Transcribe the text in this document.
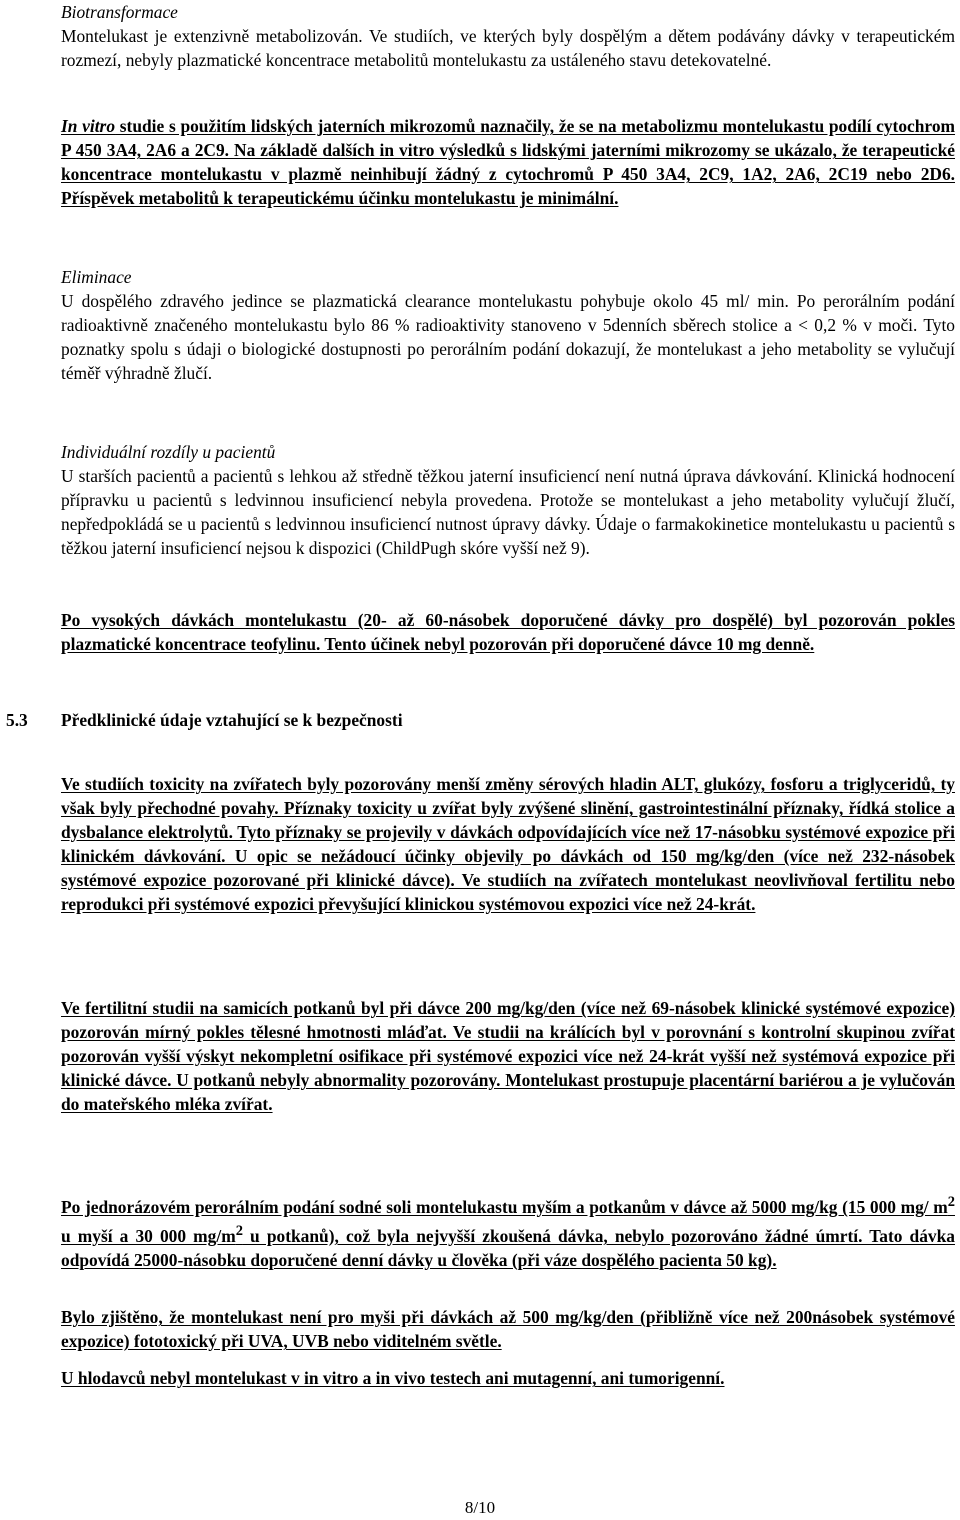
Biotransformace

Montelukast je extenzivně metabolizován. Ve studiích, ve kterých byly dospělým a dětem podávány dávky v terapeutickém rozmezí, nebyly plazmatické koncentrace metabolitů montelukastu za ustáleného stavu detekovatelné.

In vitro studie s použitím lidských jaterních mikrozomů naznačily, že se na metabolizmu montelukastu podílí cytochrom P 450 3A4, 2A6 a 2C9. Na základě dalších in vitro výsledků s lidskými jaterními mikrozomy se ukázalo, že terapeutické koncentrace montelukastu v plazmě neinhibují žádný z cytochromů P 450 3A4, 2C9, 1A2, 2A6, 2C19 nebo 2D6. Příspěvek metabolitů k terapeutickému účinku montelukastu je minimální.

Eliminace

U dospělého zdravého jedince se plazmatická clearance montelukastu pohybuje okolo 45 ml/ min. Po perorálním podání radioaktivně značeného montelukastu bylo 86 % radioaktivity stanoveno v 5denních sběrech stolice a < 0,2 % v moči. Tyto poznatky spolu s údaji o biologické dostupnosti po perorálním podání dokazují, že montelukast a jeho metabolity se vylučují téměř výhradně žlučí.

Individuální rozdíly u pacientů

U starších pacientů a pacientů s lehkou až středně těžkou jaterní insuficiencí není nutná úprava dávkování. Klinická hodnocení přípravku u pacientů s ledvinnou insuficiencí nebyla provedena. Protože se montelukast a jeho metabolity vylučují žlučí, nepředpokládá se u pacientů s ledvinnou insuficiencí nutnost úpravy dávky. Údaje o farmakokinetice montelukastu u pacientů s těžkou jaterní insuficiencí nejsou k dispozici (ChildPugh skóre vyšší než 9).

Po vysokých dávkách montelukastu (20- až 60-násobek doporučené dávky pro dospělé) byl pozorován pokles plazmatické koncentrace teofylinu. Tento účinek nebyl pozorován při doporučené dávce 10 mg denně.

5.3 Předklinické údaje vztahující se k bezpečnosti

Ve studiích toxicity na zvířatech byly pozorovány menší změny sérových hladin ALT, glukózy, fosforu a triglyceridů, ty však byly přechodné povahy. Příznaky toxicity u zvířat byly zvýšené slinění, gastrointestinální příznaky, řídká stolice a dysbalance elektrolytů. Tyto příznaky se projevily v dávkách odpovídajících více než 17-násobku systémové expozice při klinickém dávkování. U opic se nežádoucí účinky objevily po dávkách od 150 mg/kg/den (více než 232-násobek systémové expozice pozorované při klinické dávce). Ve studiích na zvířatech montelukast neovlivňoval fertilitu nebo reprodukci při systémové expozici převyšující klinickou systémovou expozici více než 24-krát.

Ve fertilitní studii na samicích potkanů byl při dávce 200 mg/kg/den (více než 69-násobek klinické systémové expozice) pozorován mírný pokles tělesné hmotnosti mláďat. Ve studii na králících byl v porovnání s kontrolní skupinou zvířat pozorován vyšší výskyt nekompletní osifikace při systémové expozici více než 24-krát vyšší než systémová expozice při klinické dávce. U potkanů nebyly abnormality pozorovány. Montelukast prostupuje placentární bariérou a je vylučován do mateřského mléka zvířat.

Po jednorázovém perorálním podání sodné soli montelukastu myším a potkanům v dávce až 5000 mg/kg (15 000 mg/ $m^2$ u myší a 30 000 $mg/m^2$ u potkanů), což byla nejvyšší zkoušená dávka, nebylo pozorováno žádné úmrtí. Tato dávka odpovídá 25000-násobku doporučené denní dávky u člověka (při váze dospělého pacienta 50 kg).

Bylo zjištěno, že montelukast není pro myši při dávkách až 500 mg/kg/den (přibližně více než 200násobek systémové expozice) fototoxický při UVA, UVB nebo viditelném světle.

U hlodavců nebyl montelukast v in vitro a in vivo testech ani mutagenní, ani tumorigenní.

8/10
